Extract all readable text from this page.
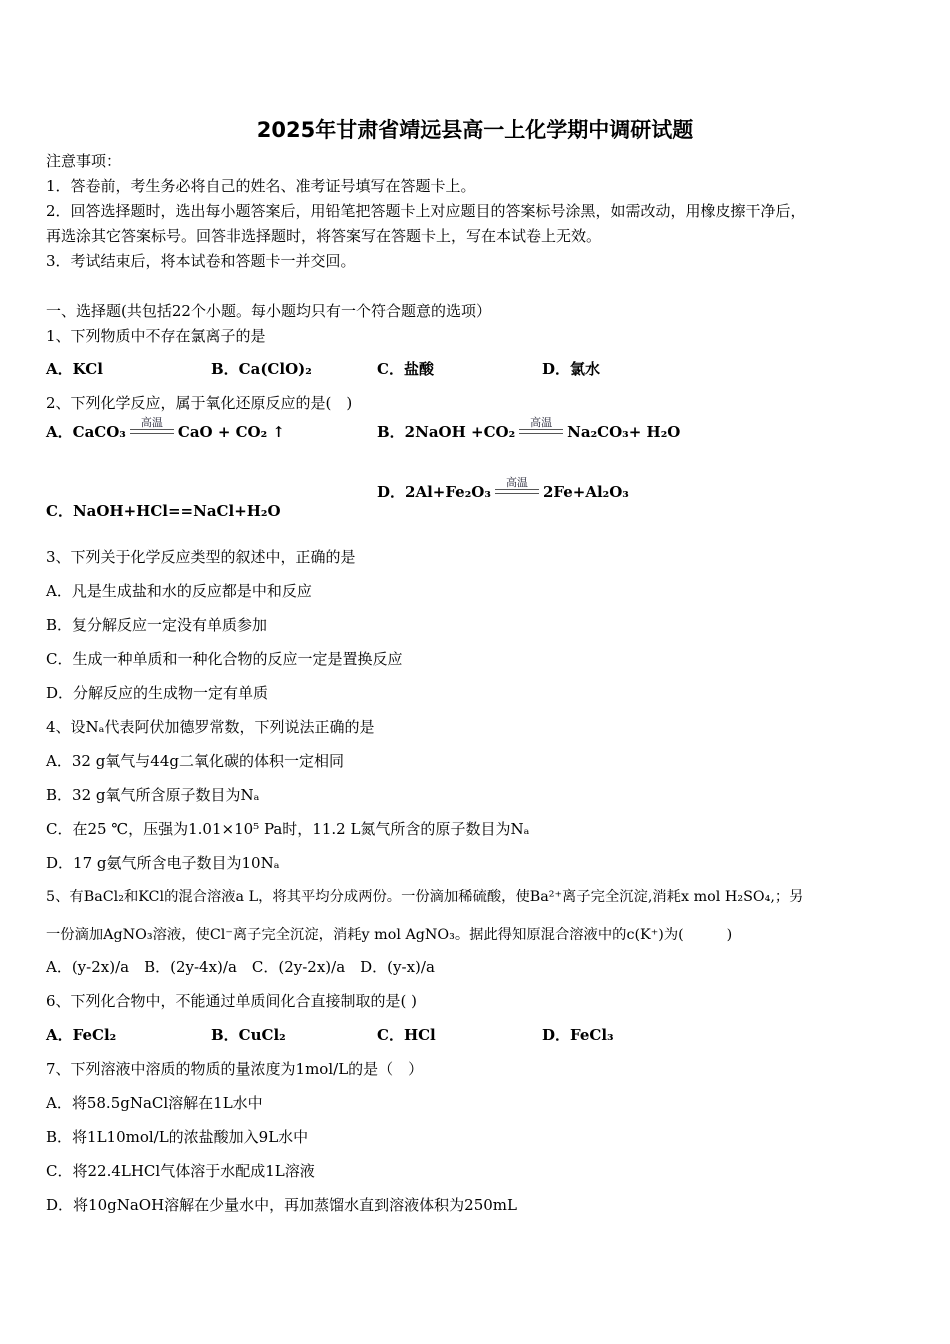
2025年甘肃省靖远县高一上化学期中调研试题
注意事项：
1．答卷前，考生务必将自己的姓名、准考证号填写在答题卡上。
2．回答选择题时，选出每小题答案后，用铅笔把答题卡上对应题目的答案标号涂黑，如需改动，用橡皮擦干净后，
再选涂其它答案标号。回答非选择题时，将答案写在答题卡上，写在本试卷上无效。
3．考试结束后，将本试卷和答题卡一并交回。
一、选择题(共包括22个小题。每小题均只有一个符合题意的选项）
1、下列物质中不存在氯离子的是
A．KCl	B．Ca(ClO)₂	C．盐酸	D．氯水
2、下列化学反应，属于氧化还原反应的是(　)
A．CaCO₃
高温
CaO + CO₂ ↑	B．2NaOH +CO₂
高温
Na₂CO₃+ H₂O
C．NaOH+HCl==NaCl+H₂O
D．2Al+Fe₂O₃
高温
2Fe+Al₂O₃
3、下列关于化学反应类型的叙述中，正确的是
A．凡是生成盐和水的反应都是中和反应
B．复分解反应一定没有单质参加
C．生成一种单质和一种化合物的反应一定是置换反应
D．分解反应的生成物一定有单质
4、设Nₐ代表阿伏加德罗常数，下列说法正确的是
A．32 g氧气与44g二氧化碳的体积一定相同
B．32 g氧气所含原子数目为Nₐ
C．在25 ℃，压强为1.01×10⁵ Pa时，11.2 L氮气所含的原子数目为Nₐ
D．17 g氨气所含电子数目为10Nₐ
5、有BaCl₂和KCl的混合溶液a L，将其平均分成两份。一份滴加稀硫酸，使Ba²⁺离子完全沉淀,消耗x mol H₂SO₄,；另
一份滴加AgNO₃溶液，使Cl⁻离子完全沉淀，消耗y mol AgNO₃。据此得知原混合溶液中的c(K⁺)为(　　　)
A．(y-2x)/a　B．(2y-4x)/a　C．(2y-2x)/a　D．(y-x)/a
6、下列化合物中，不能通过单质间化合直接制取的是( )
A．FeCl₂	B．CuCl₂	C．HCl	D．FeCl₃
7、下列溶液中溶质的物质的量浓度为1mol/L的是（　）
A．将58.5gNaCl溶解在1L水中
B．将1L10mol/L的浓盐酸加入9L水中
C．将22.4LHCl气体溶于水配成1L溶液
D．将10gNaOH溶解在少量水中，再加蒸馏水直到溶液体积为250mL
